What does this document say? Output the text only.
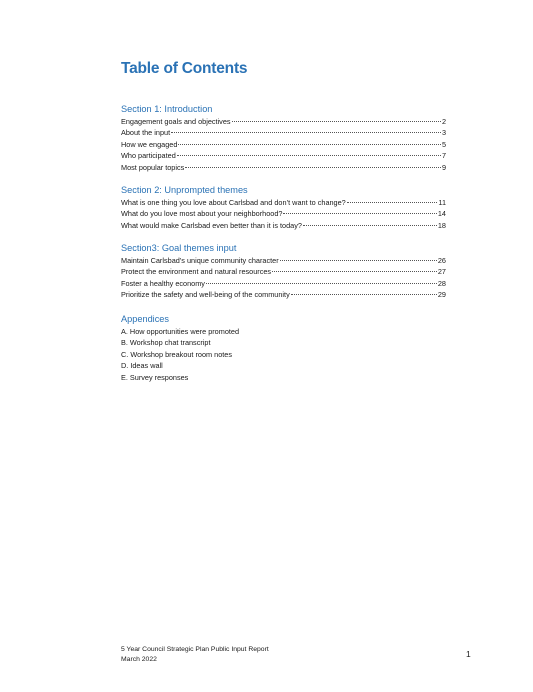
Table of Contents
Section 1: Introduction
Engagement goals and objectives	2
About the input	3
How we engaged	5
Who participated	7
Most popular topics	9
Section 2: Unprompted themes
What is one thing you love about Carlsbad and don’t want to change?	11
What do you love most about your neighborhood?	14
What would make Carlsbad even better than it is today?	18
Section3: Goal themes input
Maintain Carlsbad’s unique community character	26
Protect the environment and natural resources	27
Foster a healthy economy	28
Prioritize the safety and well-being of the community	29
Appendices
A. How opportunities were promoted
B. Workshop chat transcript
C. Workshop breakout room notes
D. Ideas wall
E. Survey responses
5 Year Council Strategic Plan Public Input Report
March 2022	1
